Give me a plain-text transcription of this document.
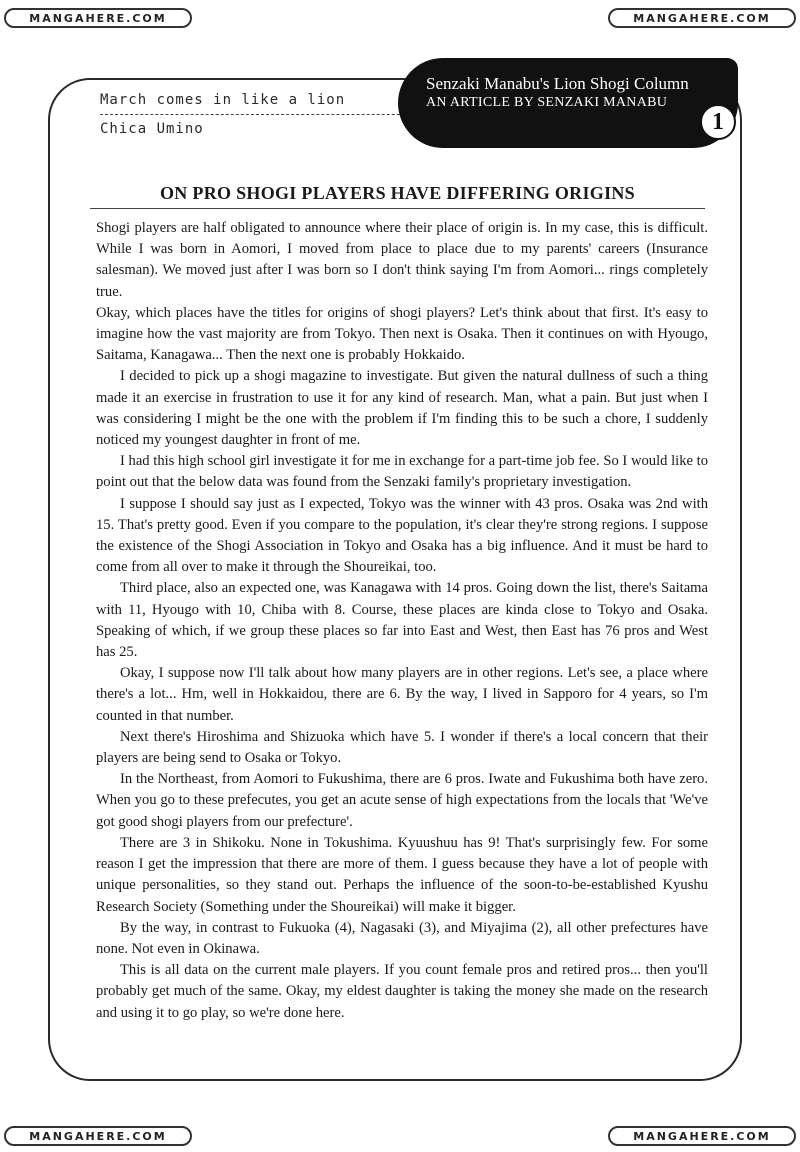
MANGAHERE.COM	MANGAHERE.COM
March comes in like a lion
Chica Umino
Senzaki Manabu's Lion Shogi Column
AN ARTICLE BY SENZAKI MANABU
1
ON PRO SHOGI PLAYERS HAVE DIFFERING ORIGINS

Shogi players are half obligated to announce where their place of origin is. In my case, this is difficult. While I was born in Aomori, I moved from place to place due to my parents' careers (Insurance salesman). We moved just after I was born so I don't think saying I'm from Aomori... rings completely true.

Okay, which places have the titles for origins of shogi players? Let's think about that first. It's easy to imagine how the vast majority are from Tokyo. Then next is Osaka. Then it continues on with Hyougo, Saitama, Kanagawa... Then the next one is probably Hokkaido.

I decided to pick up a shogi magazine to investigate. But given the natural dullness of such a thing made it an exercise in frustration to use it for any kind of research. Man, what a pain. But just when I was considering I might be the one with the problem if I'm finding this to be such a chore, I suddenly noticed my youngest daughter in front of me.

I had this high school girl investigate it for me in exchange for a part-time job fee. So I would like to point out that the below data was found from the Senzaki family's proprietary investigation.

I suppose I should say just as I expected, Tokyo was the winner with 43 pros. Osaka was 2nd with 15. That's pretty good. Even if you compare to the population, it's clear they're strong regions. I suppose the existence of the Shogi Association in Tokyo and Osaka has a big influence. And it must be hard to come from all over to make it through the Shoureikai, too.

Third place, also an expected one, was Kanagawa with 14 pros. Going down the list, there's Saitama with 11, Hyougo with 10, Chiba with 8. Course, these places are kinda close to Tokyo and Osaka. Speaking of which, if we group these places so far into East and West, then East has 76 pros and West has 25.

Okay, I suppose now I'll talk about how many players are in other regions. Let's see, a place where there's a lot... Hm, well in Hokkaidou, there are 6. By the way, I lived in Sapporo for 4 years, so I'm counted in that number.

Next there's Hiroshima and Shizuoka which have 5. I wonder if there's a local concern that their players are being send to Osaka or Tokyo.

In the Northeast, from Aomori to Fukushima, there are 6 pros. Iwate and Fukushima both have zero. When you go to these prefecutes, you get an acute sense of high expectations from the locals that 'We've got good shogi players from our prefecture'.

There are 3 in Shikoku. None in Tokushima. Kyuushuu has 9! That's surprisingly few. For some reason I get the impression that there are more of them. I guess because they have a lot of people with unique personalities, so they stand out. Perhaps the influence of the soon-to-be-established Kyushu Research Society (Something under the Shoureikai) will make it bigger.

By the way, in contrast to Fukuoka (4), Nagasaki (3), and Miyajima (2), all other prefectures have none. Not even in Okinawa.

This is all data on the current male players. If you count female pros and retired pros... then you'll probably get much of the same. Okay, my eldest daughter is taking the money she made on the research and using it to go play, so we're done here.

MANGAHERE.COM	MANGAHERE.COM
